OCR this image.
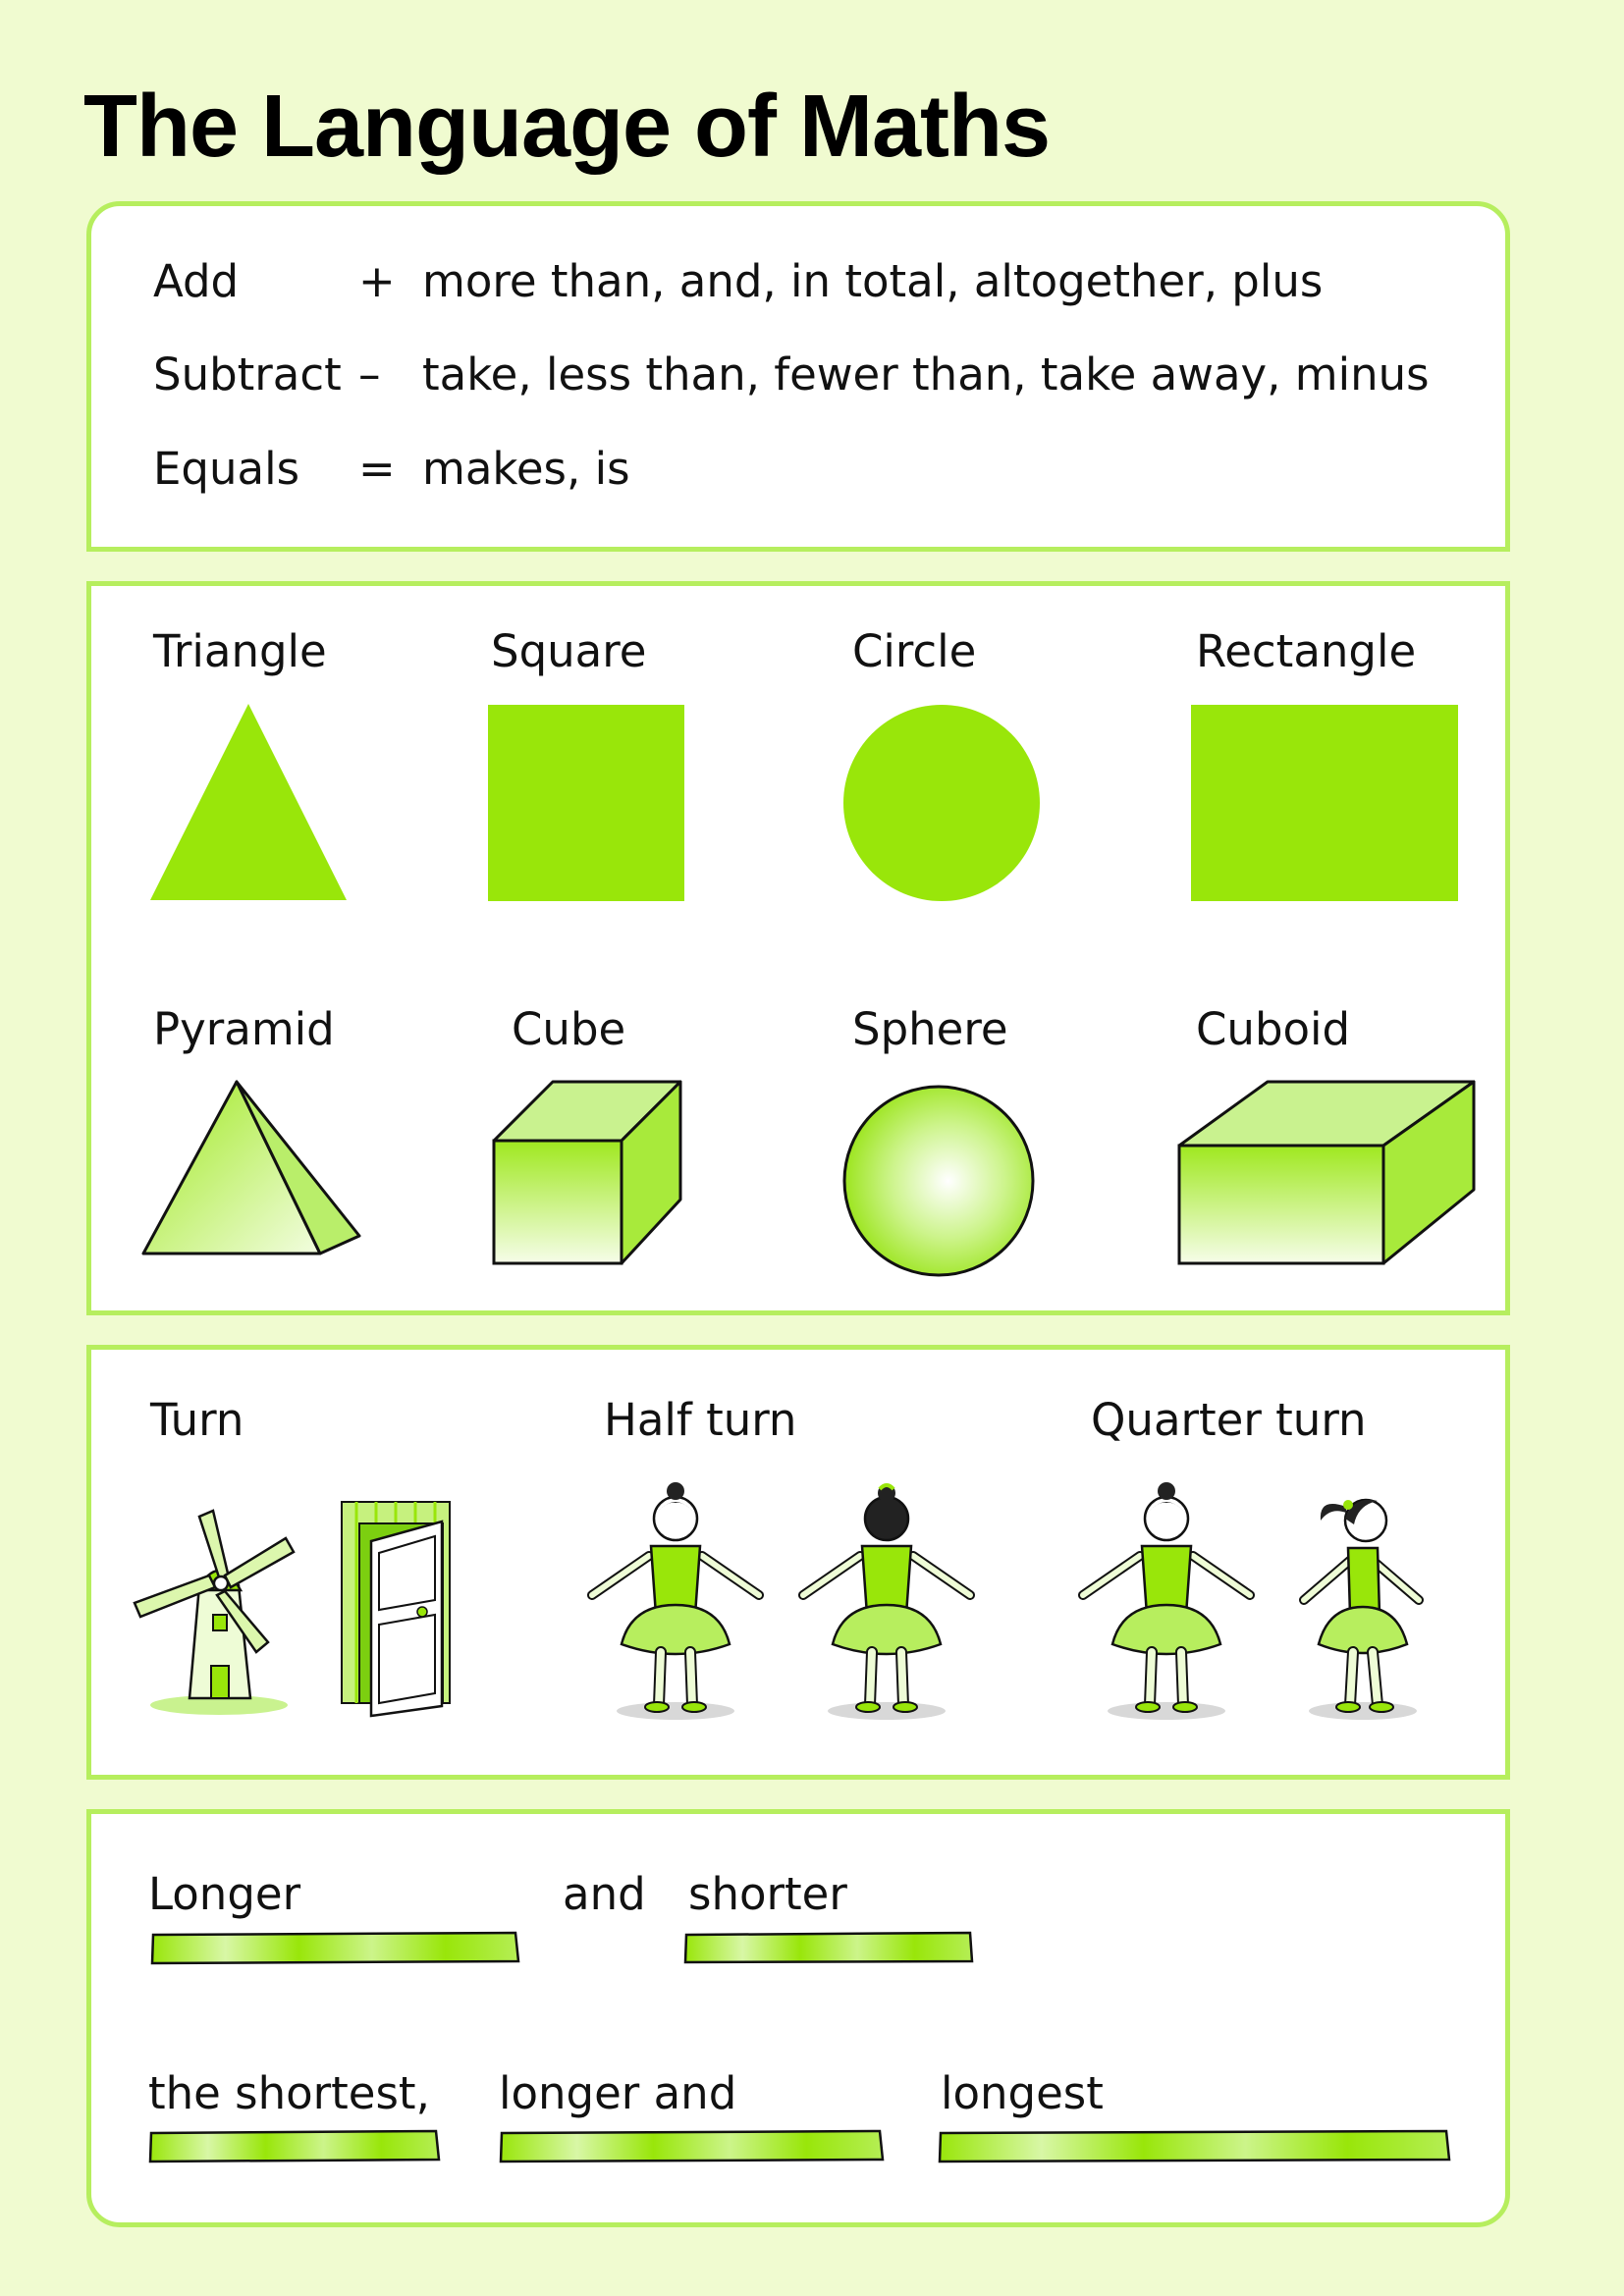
The Language of Maths
Add	+ more than, and, in total, altogether, plus
Subtract – take, less than, fewer than, take away, minus
Equals = makes, is
Triangle	Square	Circle	Rectangle
Pyramid	Cube	Sphere	Cuboid
Turn	Half turn	Quarter turn
Longer	and shorter
the shortest, longer and	longest
